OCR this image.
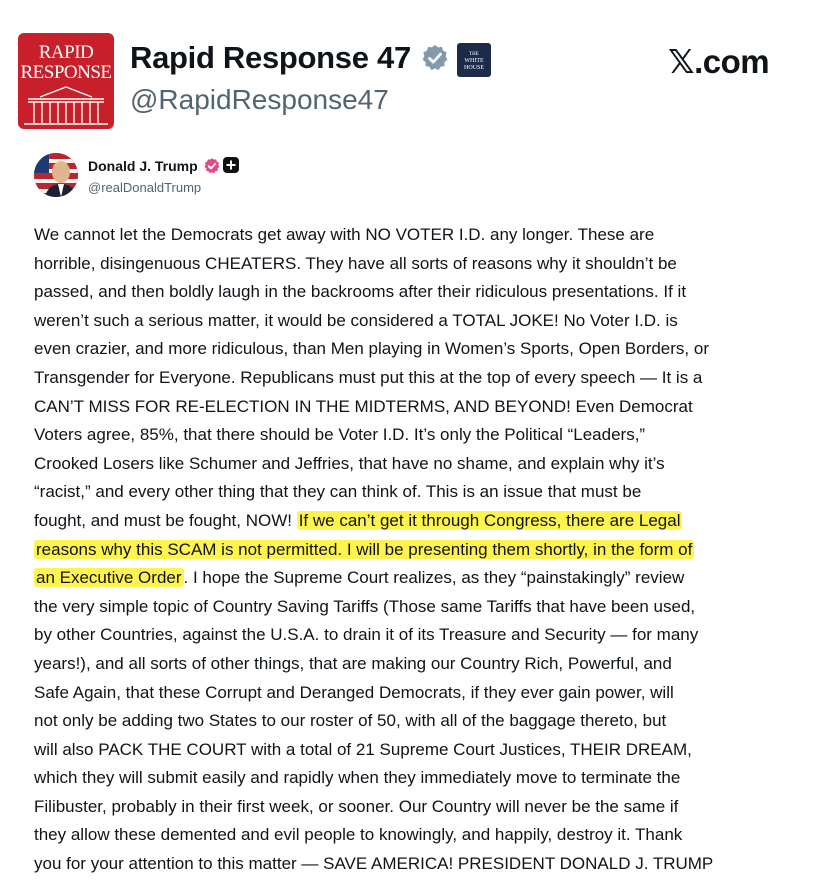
RAPID
RESPONSE Rapid Response 47	THE
WHITE
HOUSE
@RapidResponse47
𝕏.com
Donald J. Trump
@realDonaldTrump
We cannot let the Democrats get away with NO VOTER I.D. any longer. These are
horrible, disingenuous CHEATERS. They have all sorts of reasons why it shouldn’t be
passed, and then boldly laugh in the backrooms after their ridiculous presentations. If it
weren’t such a serious matter, it would be considered a TOTAL JOKE! No Voter I.D. is
even crazier, and more ridiculous, than Men playing in Women’s Sports, Open Borders, or
Transgender for Everyone. Republicans must put this at the top of every speech — It is a
CAN’T MISS FOR RE-ELECTION IN THE MIDTERMS, AND BEYOND! Even Democrat
Voters agree, 85%, that there should be Voter I.D. It’s only the Political “Leaders,”
Crooked Losers like Schumer and Jeffries, that have no shame, and explain why it’s
“racist,” and every other thing that they can think of. This is an issue that must be
fought, and must be fought, NOW! If we can’t get it through Congress, there are Legal
reasons why this SCAM is not permitted. I will be presenting them shortly, in the form of
an Executive Order . I hope the Supreme Court realizes, as they “painstakingly” review
the very simple topic of Country Saving Tariffs (Those same Tariffs that have been used,
by other Countries, against the U.S.A. to drain it of its Treasure and Security — for many
years!), and all sorts of other things, that are making our Country Rich, Powerful, and
Safe Again, that these Corrupt and Deranged Democrats, if they ever gain power, will
not only be adding two States to our roster of 50, with all of the baggage thereto, but
will also PACK THE COURT with a total of 21 Supreme Court Justices, THEIR DREAM,
which they will submit easily and rapidly when they immediately move to terminate the
Filibuster, probably in their first week, or sooner. Our Country will never be the same if
they allow these demented and evil people to knowingly, and happily, destroy it. Thank
you for your attention to this matter — SAVE AMERICA! PRESIDENT DONALD J. TRUMP
